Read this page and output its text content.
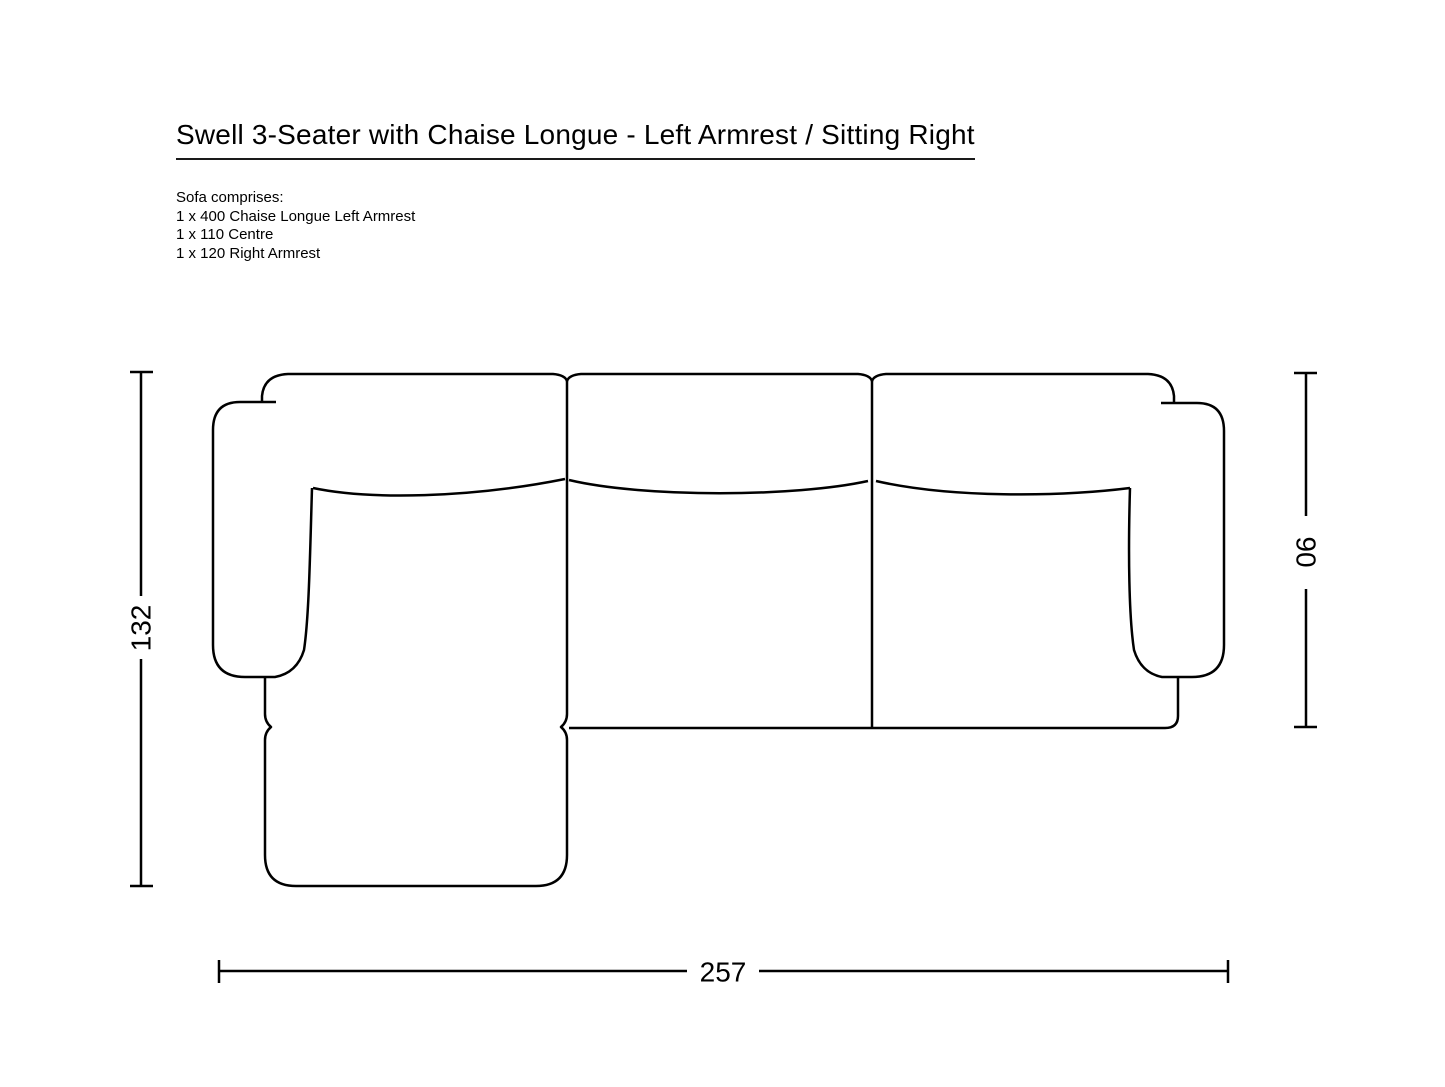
Swell 3-Seater with Chaise Longue - Left Armrest / Sitting Right
Sofa comprises:
1 x 400 Chaise Longue Left Armrest
1 x 110 Centre
1 x 120 Right Armrest
132
90
257
